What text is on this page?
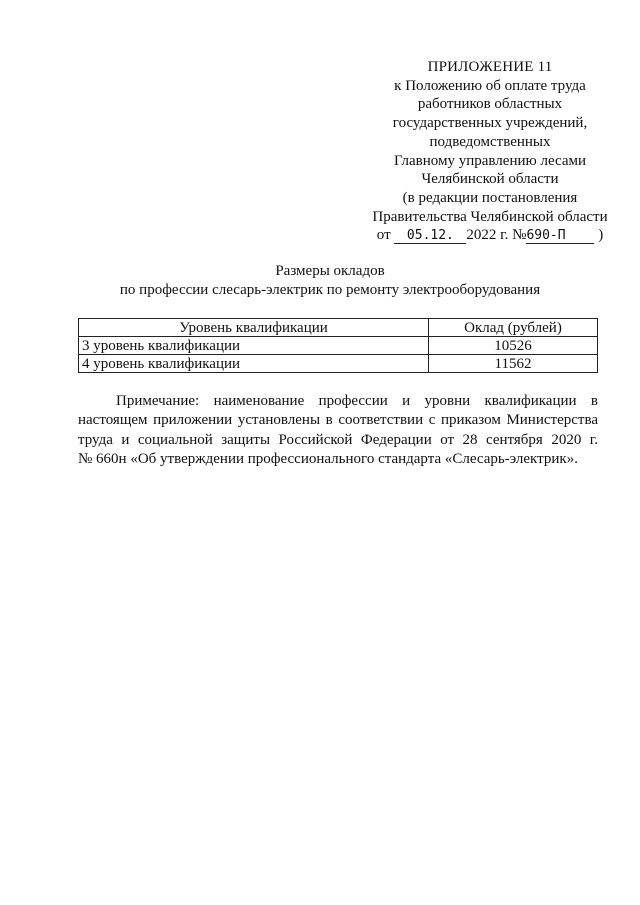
ПРИЛОЖЕНИЕ 11
к Положению об оплате труда
работников областных
государственных учреждений,
подведомственных
Главному управлению лесами
Челябинской области
(в редакции постановления
Правительства Челябинской области
от 05.12. 2022 г. №690-П )
Размеры окладов
по профессии слесарь-электрик по ремонту электрооборудования
Уровень квалификации	Оклад (рублей)
3 уровень квалификации	10526
4 уровень квалификации	11562
Примечание: наименование профессии и уровни квалификации в
настоящем приложении установлены в соответствии с приказом Министерства
труда и социальной защиты Российской Федерации от 28 сентября 2020 г.
№ 660н «Об утверждении профессионального стандарта «Слесарь-электрик».
